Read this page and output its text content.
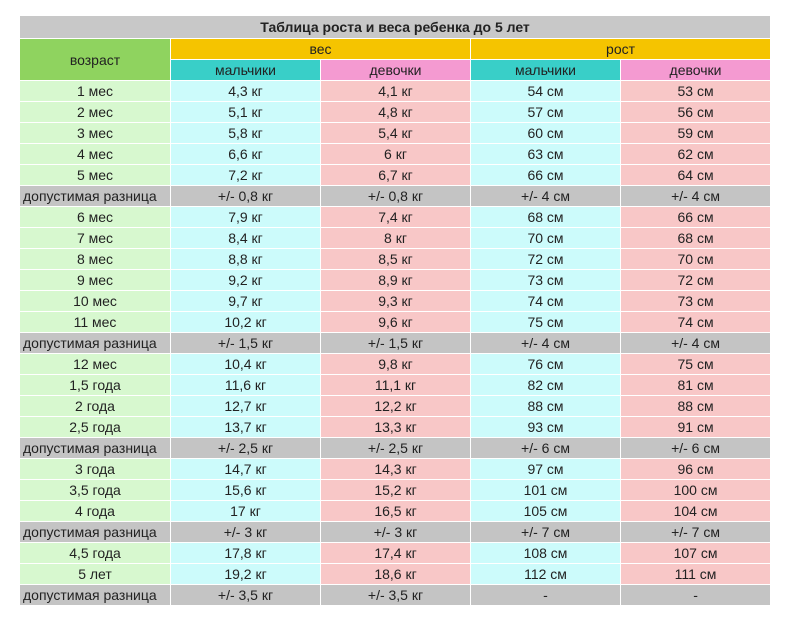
Таблица роста и веса ребенка до 5 лет				
возраст	вес		рост	
	мальчики	девочки	мальчики	девочки
1 мес	4,3 кг	4,1 кг	54 см	53 см
2 мес	5,1 кг	4,8 кг	57 см	56 см
3 мес	5,8 кг	5,4 кг	60 см	59 см
4 мес	6,6 кг	6 кг	63 см	62 см
5 мес	7,2 кг	6,7 кг	66 см	64 см
допустимая разница	+/- 0,8 кг	+/- 0,8 кг	+/- 4 см	+/- 4 см
6 мес	7,9 кг	7,4 кг	68 см	66 см
7 мес	8,4 кг	8 кг	70 см	68 см
8 мес	8,8 кг	8,5 кг	72 см	70 см
9 мес	9,2 кг	8,9 кг	73 см	72 см
10 мес	9,7 кг	9,3 кг	74 см	73 см
11 мес	10,2 кг	9,6 кг	75 см	74 см
допустимая разница	+/- 1,5 кг	+/- 1,5 кг	+/- 4 см	+/- 4 см
12 мес	10,4 кг	9,8 кг	76 см	75 см
1,5 года	11,6 кг	11,1 кг	82 см	81 см
2 года	12,7 кг	12,2 кг	88 см	88 см
2,5 года	13,7 кг	13,3 кг	93 см	91 см
допустимая разница	+/- 2,5 кг	+/- 2,5 кг	+/- 6 см	+/- 6 см
3 года	14,7 кг	14,3 кг	97 см	96 см
3,5 года	15,6 кг	15,2 кг	101 см	100 см
4 года	17 кг	16,5 кг	105 см	104 см
допустимая разница	+/- 3 кг	+/- 3 кг	+/- 7 см	+/- 7 см
4,5 года	17,8 кг	17,4 кг	108 см	107 см
5 лет	19,2 кг	18,6 кг	112 см	111 см
допустимая разница	+/- 3,5 кг	+/- 3,5 кг	-	-
